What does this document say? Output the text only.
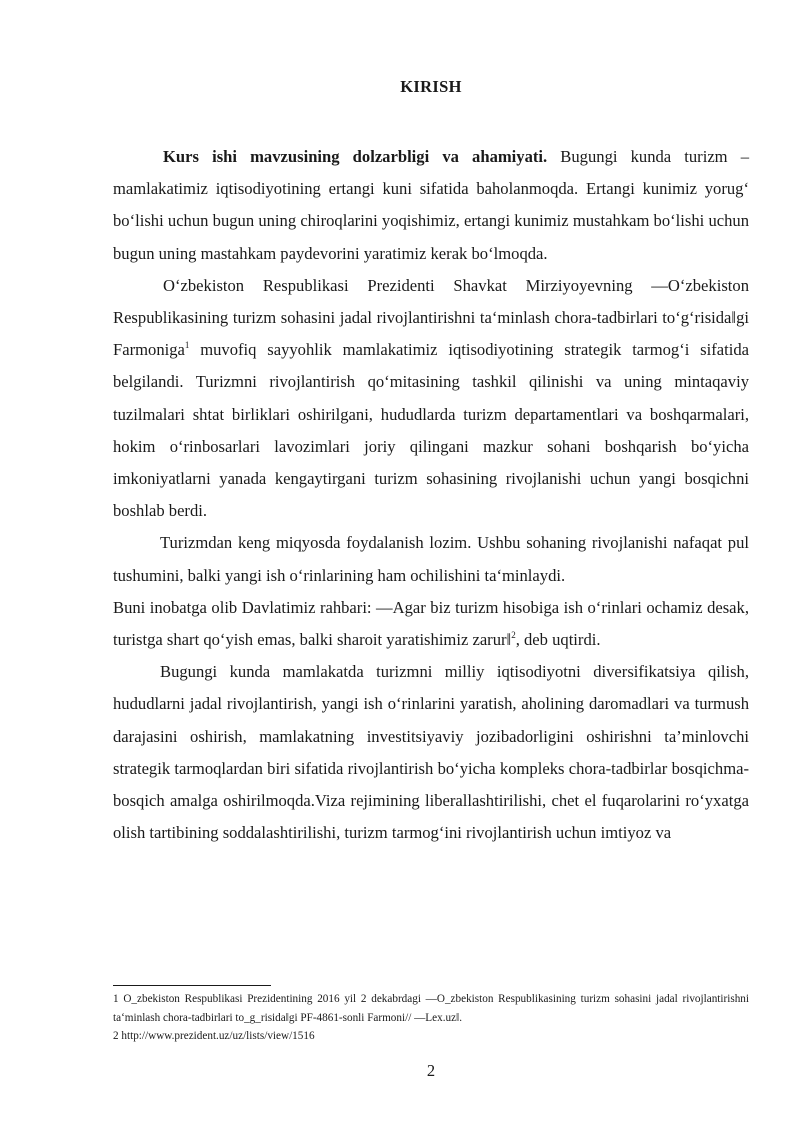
KIRISH

Kurs ishi mavzusining dolzarbligi va ahamiyati. Bugungi kunda turizm – mamlakatimiz iqtisodiyotining ertangi kuni sifatida baholanmoqda. Ertangi kunimiz yorug‘ bo‘lishi uchun bugun uning chiroqlarini yoqishimiz, ertangi kunimiz mustahkam bo‘lishi uchun bugun uning mastahkam paydevorini yaratimiz kerak bo‘lmoqda.

O‘zbekiston Respublikasi Prezidenti Shavkat Mirziyoyevning ―O‘zbekiston Respublikasining turizm sohasini jadal rivojlantirishni ta‘minlash chora-tadbirlari to‘g‘risida‖gi Farmoniga$^1$ muvofiq sayyohlik mamlakatimiz iqtisodiyotining strategik tarmog‘i sifatida belgilandi. Turizmni rivojlantirish qo‘mitasining tashkil qilinishi va uning mintaqaviy tuzilmalari shtat birliklari oshirilgani, hududlarda turizm departamentlari va boshqarmalari, hokim o‘rinbosarlari lavozimlari joriy qilingani mazkur sohani boshqarish bo‘yicha imkoniyatlarni yanada kengaytirgani turizm sohasining rivojlanishi uchun yangi bosqichni boshlab berdi.

Turizmdan keng miqyosda foydalanish lozim. Ushbu sohaning rivojlanishi nafaqat pul tushumini, balki yangi ish o‘rinlarining ham ochilishini ta‘minlaydi.

Buni inobatga olib Davlatimiz rahbari: ―Agar biz turizm hisobiga ish o‘rinlari ochamiz desak, turistga shart qo‘yish emas, balki sharoit yaratishimiz zarur‖$^2$, deb uqtirdi.

Bugungi kunda mamlakatda turizmni milliy iqtisodiyotni diversifikatsiya qilish, hududlarni jadal rivojlantirish, yangi ish o‘rinlarini yaratish, aholining daromadlari va turmush darajasini oshirish, mamlakatning investitsiyaviy jozibadorligini oshirishni ta’minlovchi strategik tarmoqlardan biri sifatida rivojlantirish bo‘yicha kompleks chora-tadbirlar bosqichma-bosqich amalga oshirilmoqda.Viza rejimining liberallashtirilishi, chet el fuqarolarini ro‘yxatga olish tartibining soddalashtirilishi, turizm tarmog‘ini rivojlantirish uchun imtiyoz va

1 O_zbekiston Respublikasi Prezidentining 2016 yil 2 dekabrdagi ―O_zbekiston Respublikasining turizm sohasini jadal rivojlantirishni ta‘minlash chora-tadbirlari to_g_risida‖gi PF-4861-sonli Farmoni// ―Lex.uz‖.

2 http://www.prezident.uz/uz/lists/view/1516

2
